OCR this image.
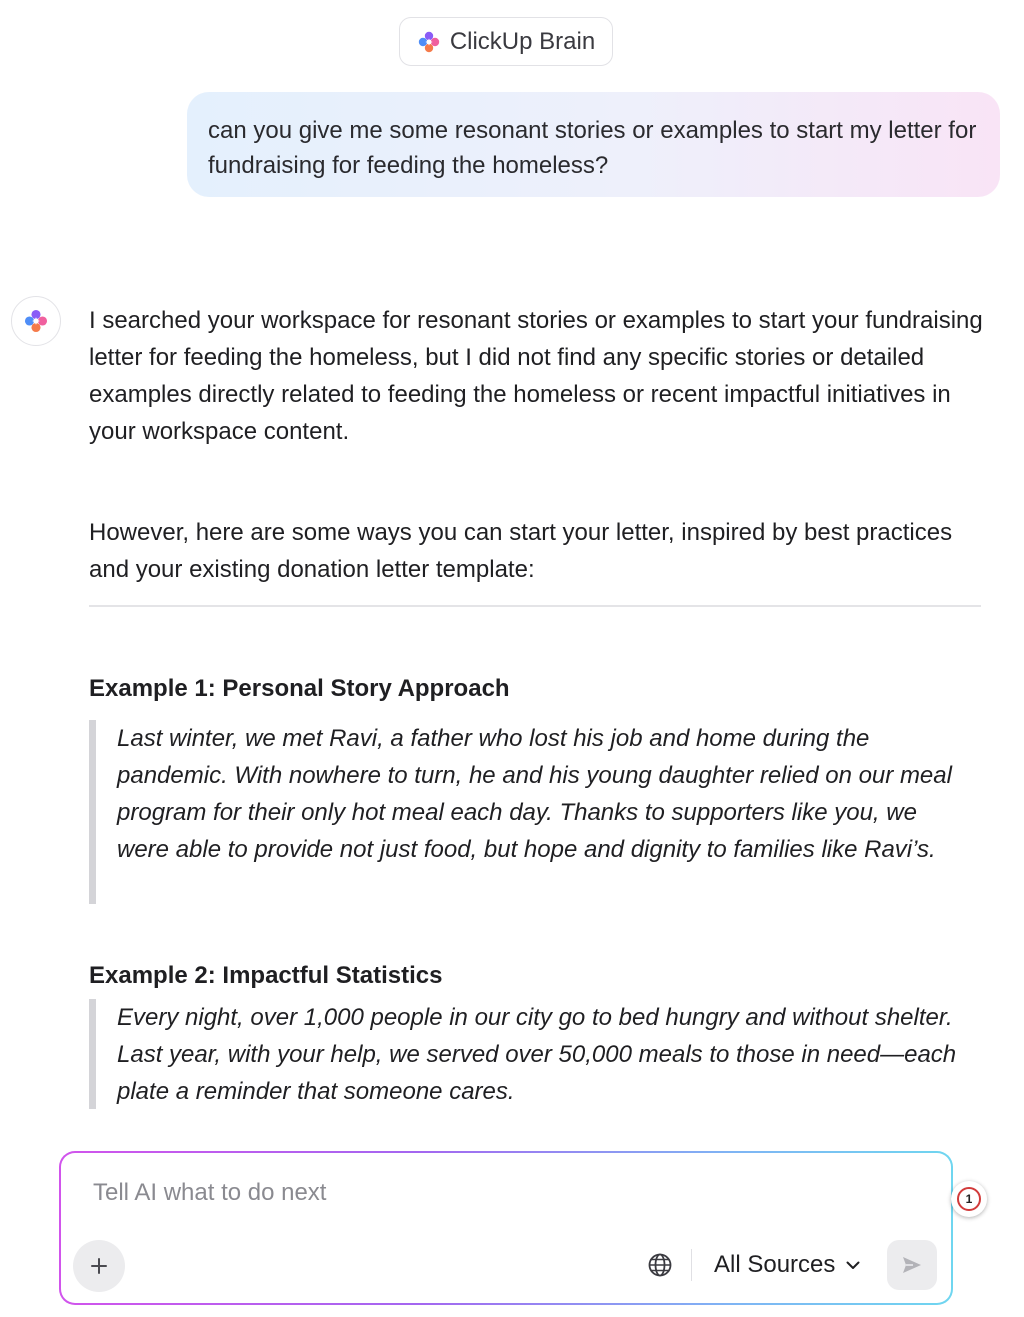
ClickUp Brain
can you give me some resonant stories or examples to start my letter for fundraising for feeding the homeless?

I searched your workspace for resonant stories or examples to start your fundraising letter for feeding the homeless, but I did not find any specific stories or detailed examples directly related to feeding the homeless or recent impactful initiatives in your workspace content.

However, here are some ways you can start your letter, inspired by best practices and your existing donation letter template:

Example 1: Personal Story Approach
Last winter, we met Ravi, a father who lost his job and home during the pandemic. With nowhere to turn, he and his young daughter relied on our meal program for their only hot meal each day. Thanks to supporters like you, we were able to provide not just food, but hope and dignity to families like Ravi’s.
Example 2: Impactful Statistics
Every night, over 1,000 people in our city go to bed hungry and without shelter. Last year, with your help, we served over 50,000 meals to those in need—each plate a reminder that someone cares.
Tell AI what to do next
All Sources
1
